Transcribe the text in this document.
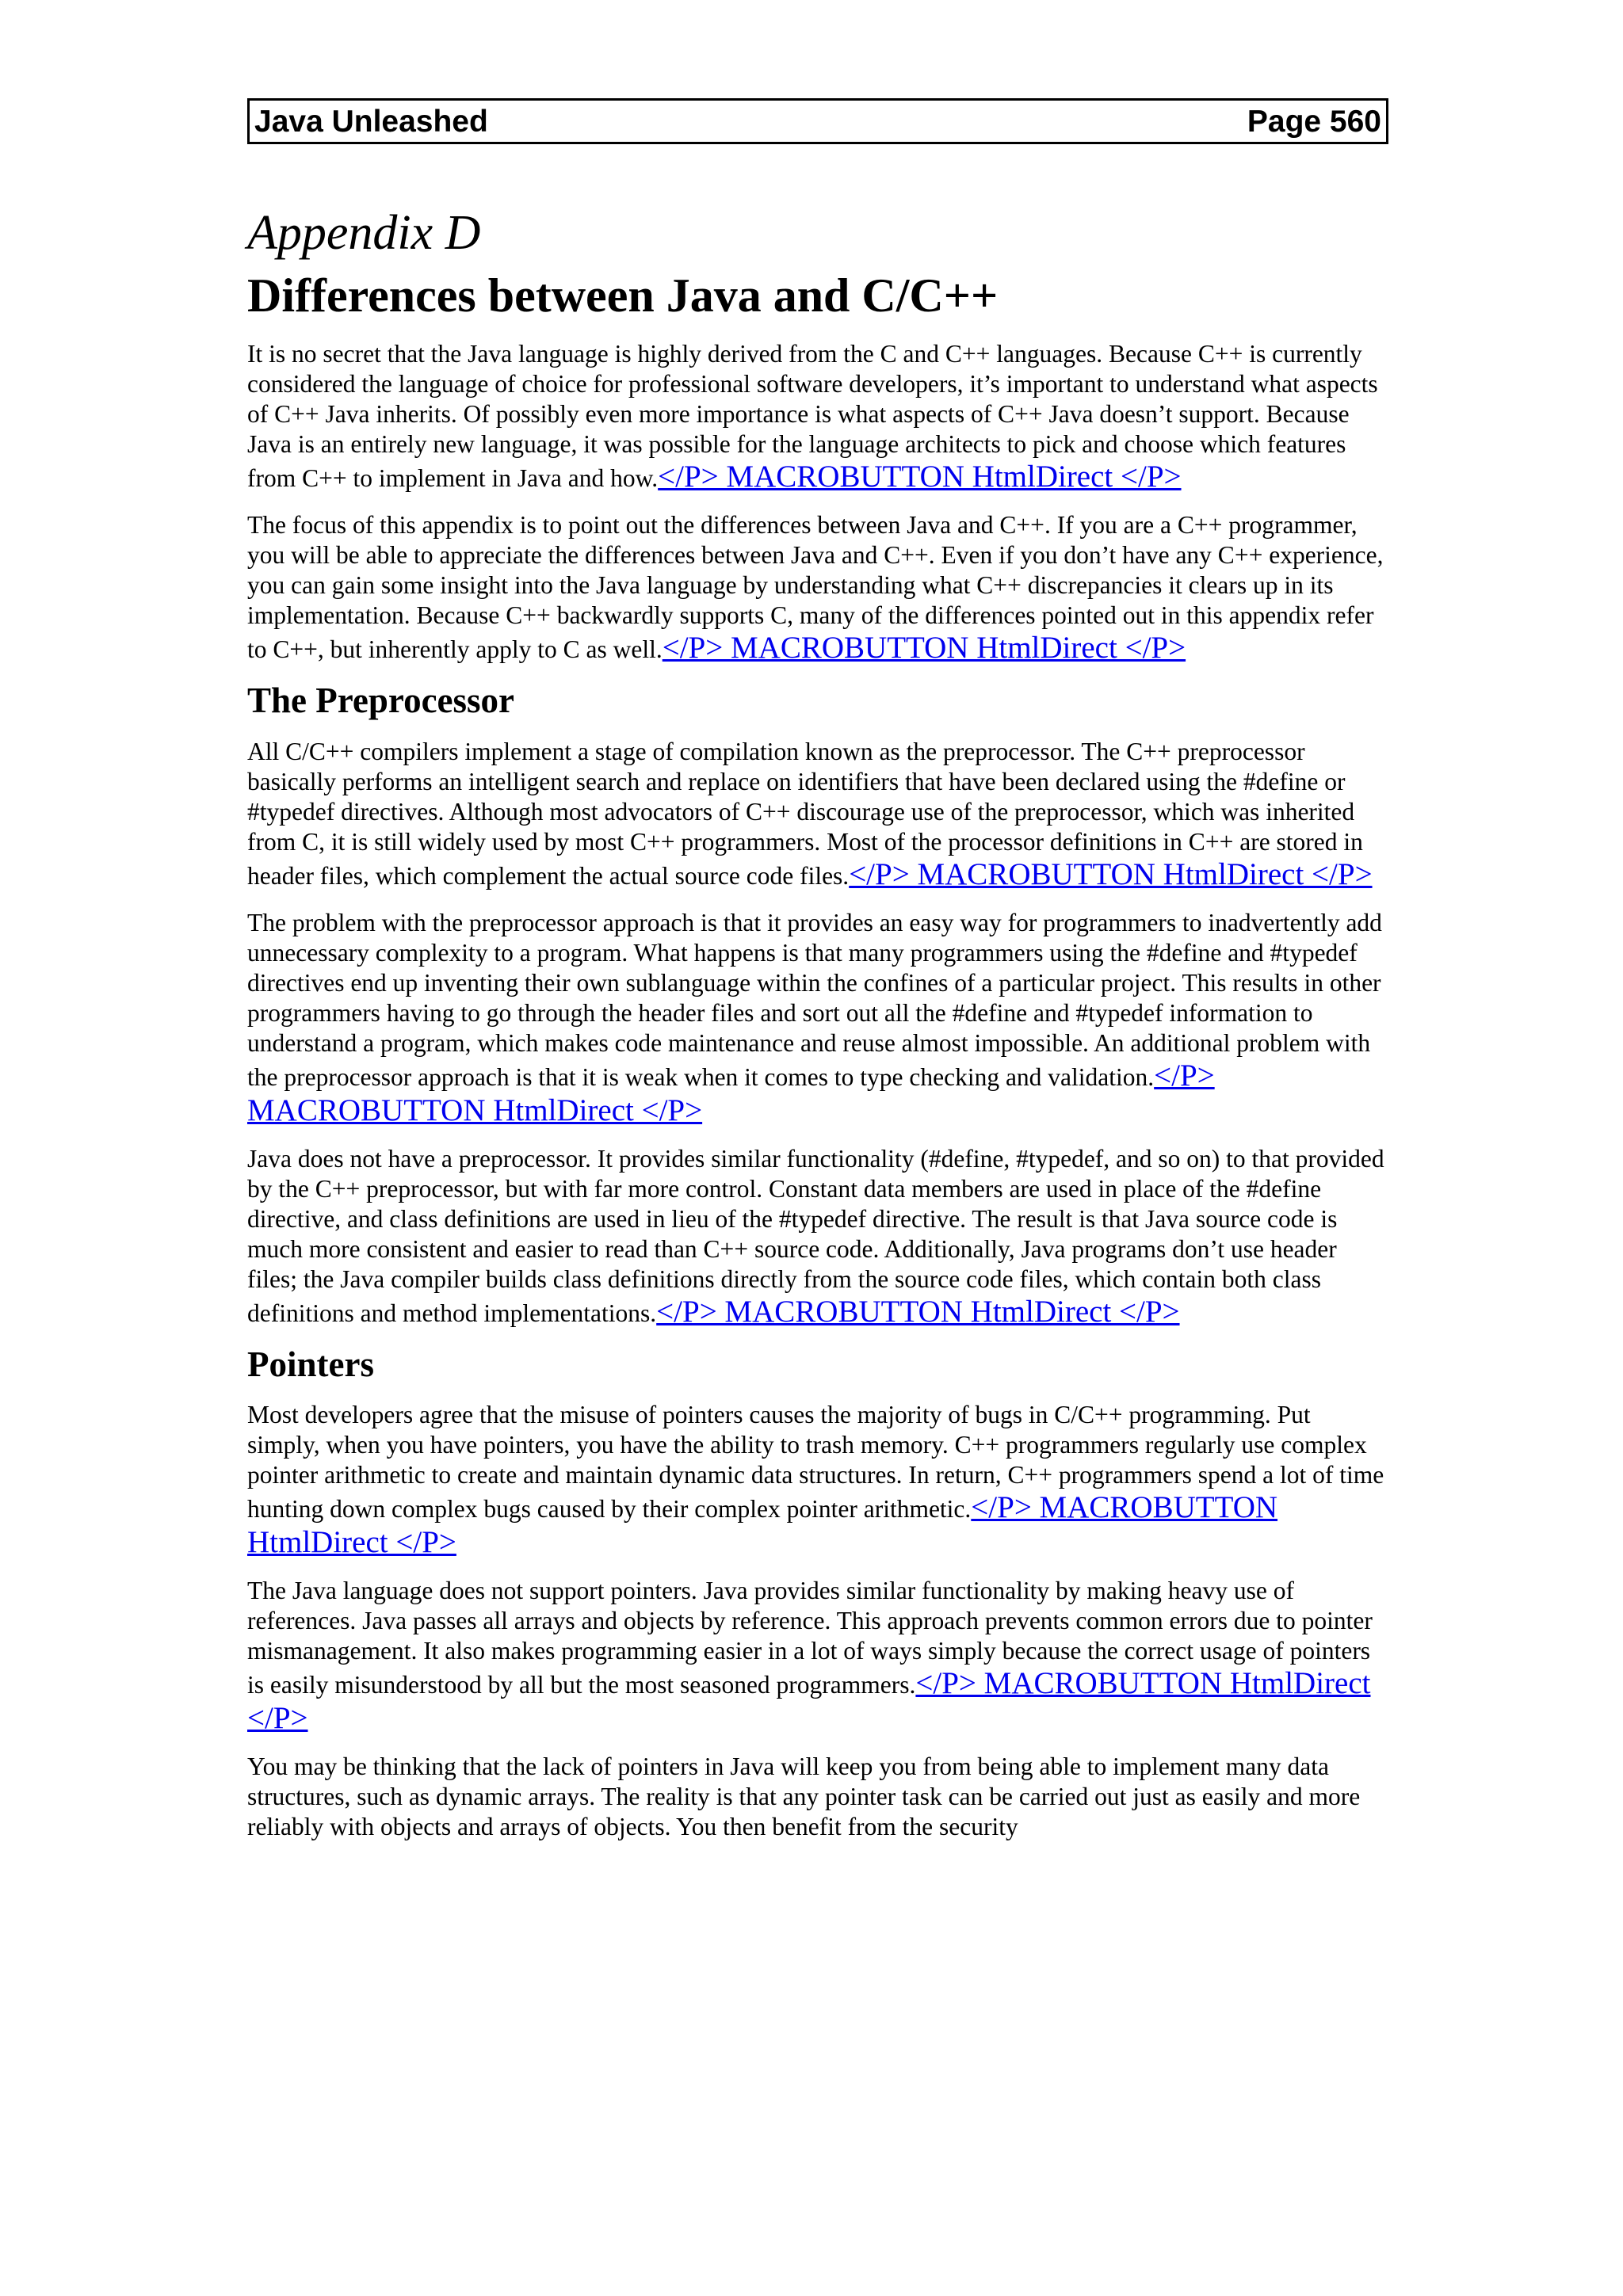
Java Unleashed	Page 560
Appendix D
Differences between Java and C/C++
It is no secret that the Java language is highly derived from the C and C++ languages. Because C++ is currently considered the language of choice for professional software developers, it’s important to understand what aspects of C++ Java inherits. Of possibly even more importance is what aspects of C++ Java doesn’t support. Because Java is an entirely new language, it was possible for the language architects to pick and choose which features from C++ to implement in Java and how.</P> MACROBUTTON HtmlDirect </P>
The focus of this appendix is to point out the differences between Java and C++. If you are a C++ programmer, you will be able to appreciate the differences between Java and C++. Even if you don’t have any C++ experience, you can gain some insight into the Java language by understanding what C++ discrepancies it clears up in its implementation. Because C++ backwardly supports C, many of the differences pointed out in this appendix refer to C++, but inherently apply to C as well.</P> MACROBUTTON HtmlDirect </P>
The Preprocessor
All C/C++ compilers implement a stage of compilation known as the preprocessor. The C++ preprocessor basically performs an intelligent search and replace on identifiers that have been declared using the #define or #typedef directives. Although most advocators of C++ discourage use of the preprocessor, which was inherited from C, it is still widely used by most C++ programmers. Most of the processor definitions in C++ are stored in header files, which complement the actual source code files.</P> MACROBUTTON HtmlDirect </P>
The problem with the preprocessor approach is that it provides an easy way for programmers to inadvertently add unnecessary complexity to a program. What happens is that many programmers using the #define and #typedef directives end up inventing their own sublanguage within the confines of a particular project. This results in other programmers having to go through the header files and sort out all the #define and #typedef information to understand a program, which makes code maintenance and reuse almost impossible. An additional problem with the preprocessor approach is that it is weak when it comes to type checking and validation.</P> MACROBUTTON HtmlDirect </P>
Java does not have a preprocessor. It provides similar functionality (#define, #typedef, and so on) to that provided by the C++ preprocessor, but with far more control. Constant data members are used in place of the #define directive, and class definitions are used in lieu of the #typedef directive. The result is that Java source code is much more consistent and easier to read than C++ source code. Additionally, Java programs don’t use header files; the Java compiler builds class definitions directly from the source code files, which contain both class definitions and method implementations.</P> MACROBUTTON HtmlDirect </P>
Pointers
Most developers agree that the misuse of pointers causes the majority of bugs in C/C++ programming. Put simply, when you have pointers, you have the ability to trash memory. C++ programmers regularly use complex pointer arithmetic to create and maintain dynamic data structures. In return, C++ programmers spend a lot of time hunting down complex bugs caused by their complex pointer arithmetic.</P> MACROBUTTON HtmlDirect </P>
The Java language does not support pointers. Java provides similar functionality by making heavy use of references. Java passes all arrays and objects by reference. This approach prevents common errors due to pointer mismanagement. It also makes programming easier in a lot of ways simply because the correct usage of pointers is easily misunderstood by all but the most seasoned programmers.</P> MACROBUTTON HtmlDirect </P>
You may be thinking that the lack of pointers in Java will keep you from being able to implement many data structures, such as dynamic arrays. The reality is that any pointer task can be carried out just as easily and more reliably with objects and arrays of objects. You then benefit from the security
